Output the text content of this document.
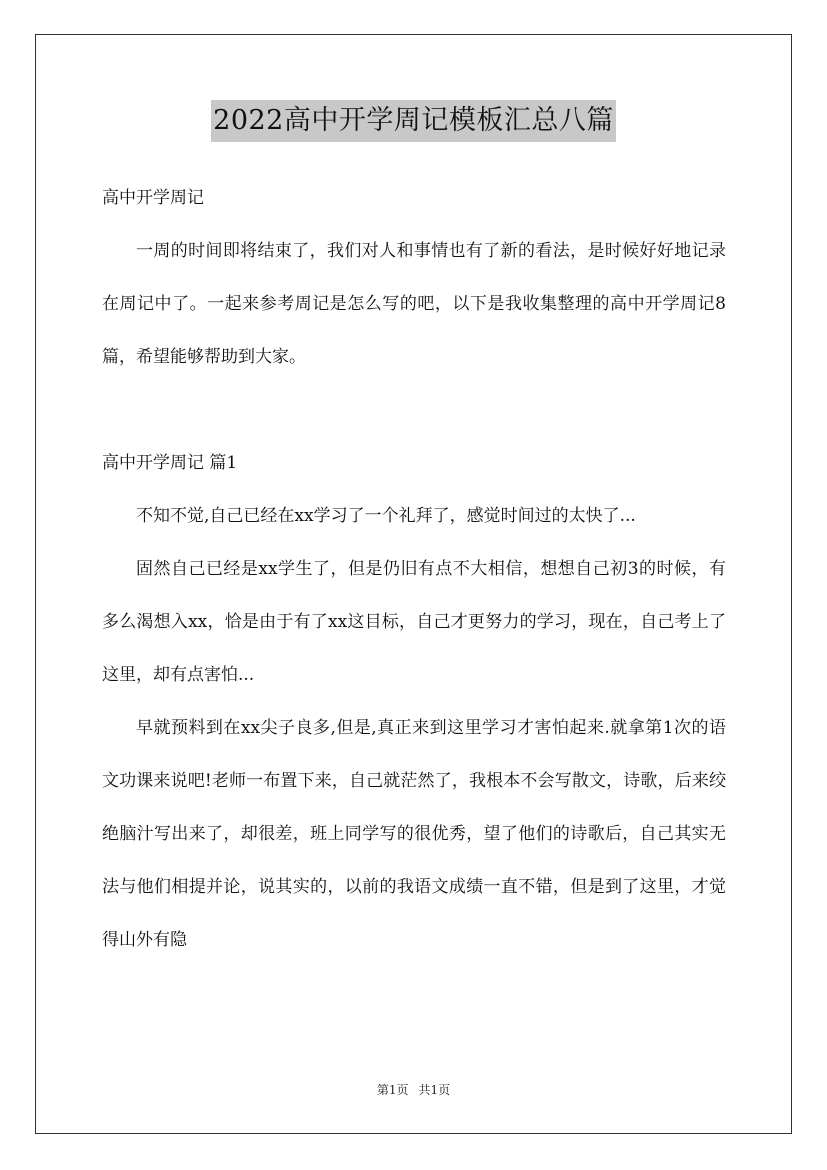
2022高中开学周记模板汇总八篇

高中开学周记

一周的时间即将结束了，我们对人和事情也有了新的看法，是时候好好地记录在周记中了。一起来参考周记是怎么写的吧，以下是我收集整理的高中开学周记8篇，希望能够帮助到大家。

高中开学周记 篇1

不知不觉,自己已经在xx学习了一个礼拜了，感觉时间过的太快了...

固然自己已经是xx学生了，但是仍旧有点不大相信，想想自己初3的时候，有多么渴想入xx，恰是由于有了xx这目标，自己才更努力的学习，现在，自己考上了这里，却有点害怕...

早就预料到在xx尖子良多,但是,真正来到这里学习才害怕起来.就拿第1次的语文功课来说吧!老师一布置下来，自己就茫然了，我根本不会写散文，诗歌，后来绞绝脑汁写出来了，却很差，班上同学写的很优秀，望了他们的诗歌后，自己其实无法与他们相提并论，说其实的，以前的我语文成绩一直不错，但是到了这里，才觉得山外有隐

第1页 共1页
